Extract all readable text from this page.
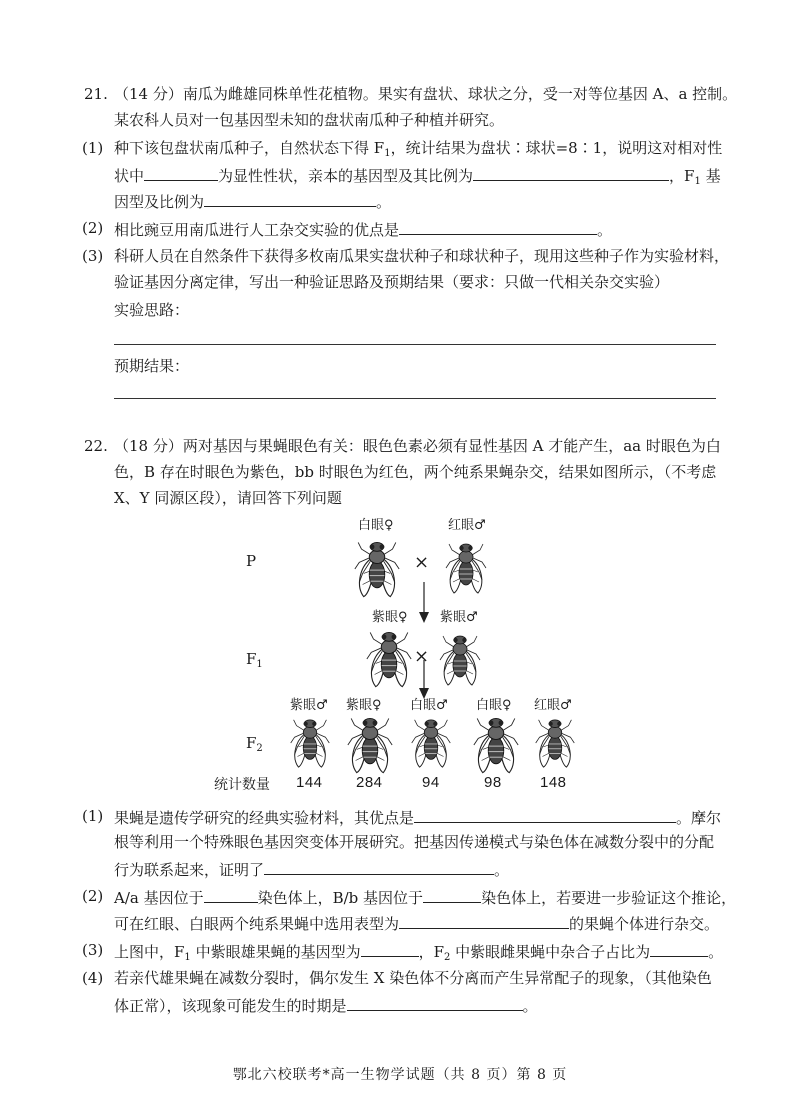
21. （14 分）南瓜为雌雄同株单性花植物。果实有盘状、球状之分，受一对等位基因 A、a 控制。
某农科人员对一包基因型未知的盘状南瓜种子种植并研究。
(1) 种下该包盘状南瓜种子，自然状态下得 $F_1$，统计结果为盘状∶球状=8∶1，说明这对相对性
状中	为显性性状，亲本的基因型及其比例为	，$F_1$ 基
因型及比例为	。
(2) 相比豌豆用南瓜进行人工杂交实验的优点是	。
(3) 科研人员在自然条件下获得多枚南瓜果实盘状种子和球状种子，现用这些种子作为实验材料，
验证基因分离定律，写出一种验证思路及预期结果（要求：只做一代相关杂交实验）
实验思路：
预期结果：
22. （18 分）两对基因与果蝇眼色有关：眼色色素必须有显性基因 A 才能产生，aa 时眼色为白
色，B 存在时眼色为紫色，bb 时眼色为红色，两个纯系果蝇杂交，结果如图所示，（不考虑
X、Y 同源区段），请回答下列问题
P
白眼♀	红眼♂
×
$F_1$
紫眼♀ 紫眼♂
×
$F_2$
紫眼♂ 紫眼♀ 白眼♂ 白眼♀ 红眼♂
统计数量 144 284	94	98	148
(1) 果蝇是遗传学研究的经典实验材料，其优点是	。摩尔
根等利用一个特殊眼色基因突变体开展研究。把基因传递模式与染色体在减数分裂中的分配
行为联系起来，证明了	。
(2) A/a 基因位于	染色体上，B/b 基因位于	染色体上，若要进一步验证这个推论，
可在红眼、白眼两个纯系果蝇中选用表型为	的果蝇个体进行杂交。
(3) 上图中，$F_1$ 中紫眼雄果蝇的基因型为	，$F_2$ 中紫眼雌果蝇中杂合子占比为	。
(4) 若亲代雄果蝇在减数分裂时，偶尔发生 X 染色体不分离而产生异常配子的现象，（其他染色
体正常），该现象可能发生的时期是	。
鄂北六校联考*高一生物学试题（共 8 页）第 8 页
